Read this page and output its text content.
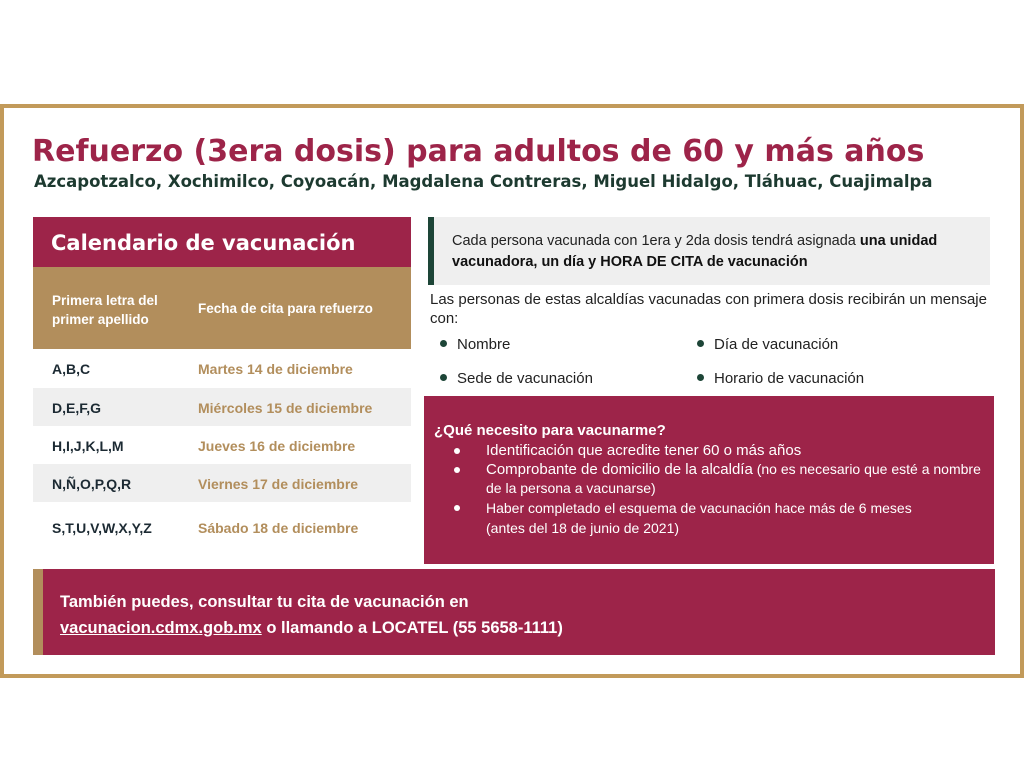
Refuerzo (3era dosis) para adultos de 60 y más años
Azcapotzalco, Xochimilco, Coyoacán, Magdalena Contreras, Miguel Hidalgo, Tláhuac, Cuajimalpa
Calendario de vacunación
Primera letra del primer apellido
Fecha de cita para refuerzo
A,B,C	Martes 14 de diciembre
D,E,F,G	Miércoles 15 de diciembre
H,I,J,K,L,M	Jueves 16 de diciembre
N,Ñ,O,P,Q,R	Viernes 17 de diciembre
S,T,U,V,W,X,Y,Z	Sábado 18 de diciembre

Cada persona vacunada con 1era y 2da dosis tendrá asignada una unidad vacunadora, un día y HORA DE CITA de vacunación

Las personas de estas alcaldías vacunadas con primera dosis recibirán un mensaje con:

Nombre	Día de vacunación
Sede de vacunación	Horario de vacunación
¿Qué necesito para vacunarme?
Identificación que acredite tener 60 o más años
Comprobante de domicilio de la alcaldía (no es necesario que esté a nombre de la persona a vacunarse)
Haber completado el esquema de vacunación hace más de 6 meses
(antes del 18 de junio de 2021)
También puedes, consultar tu cita de vacunación en
vacunacion.cdmx.gob.mx o llamando a LOCATEL (55 5658-1111)
